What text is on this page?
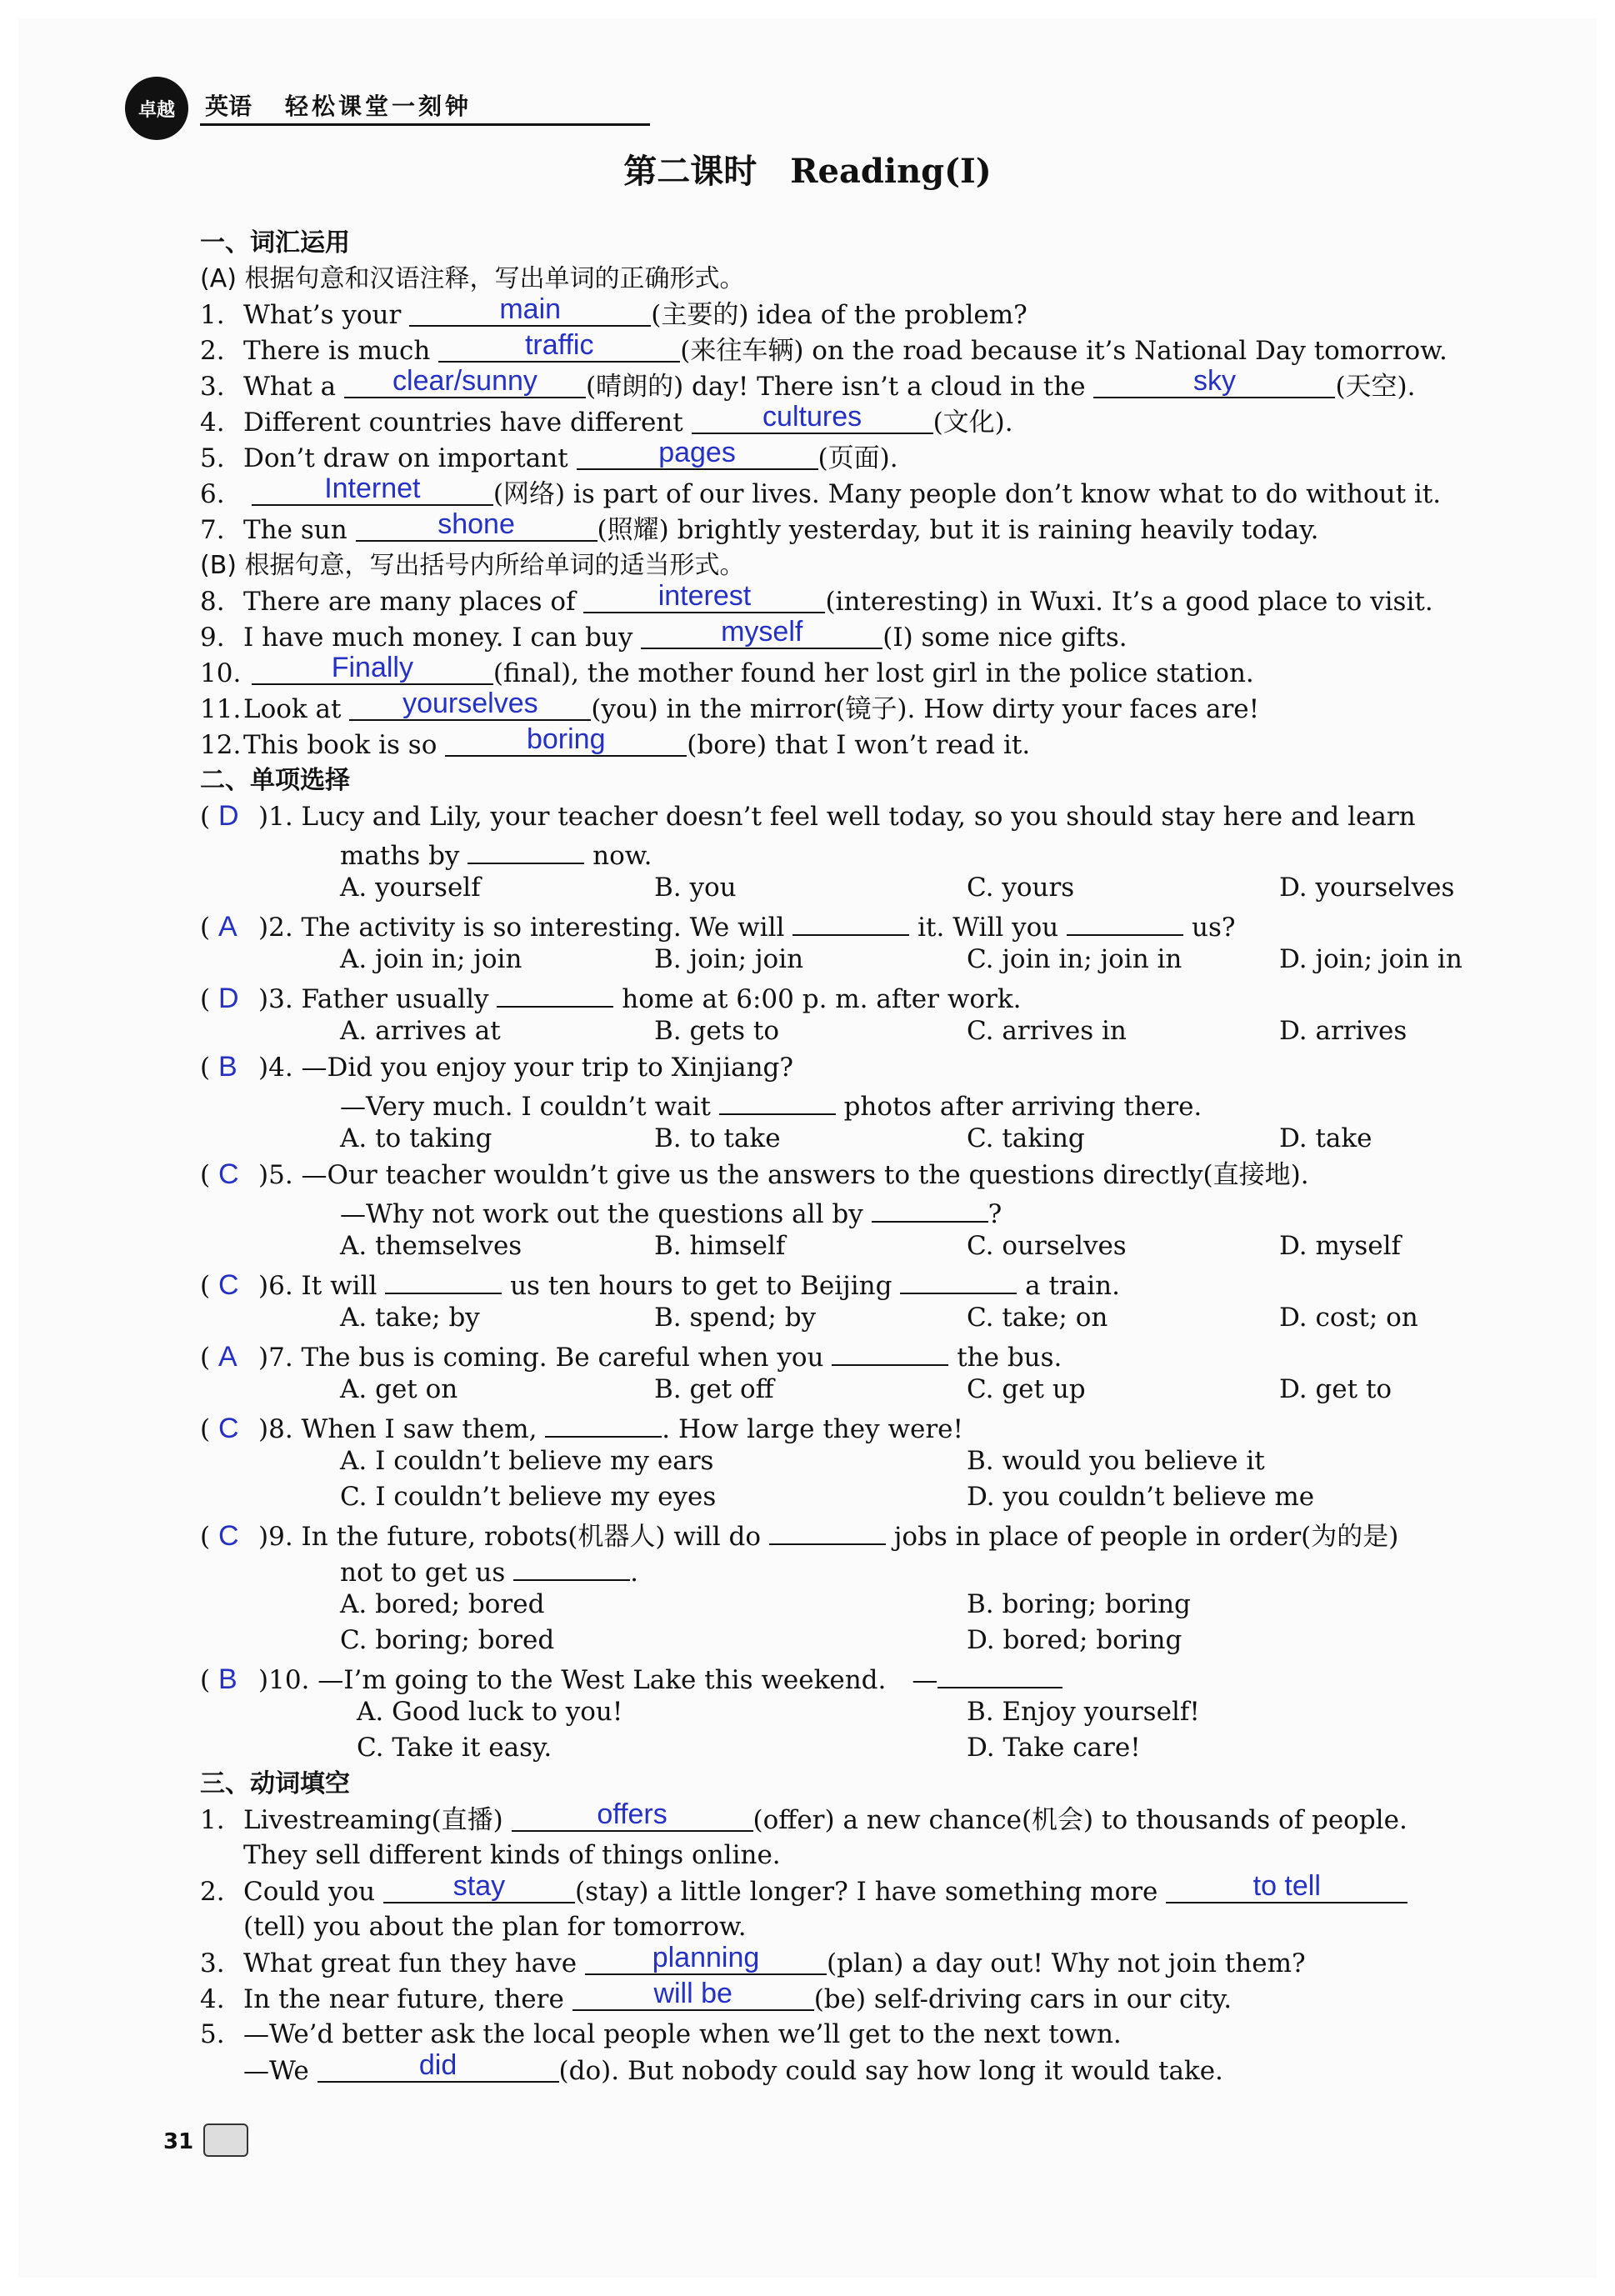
卓越	英语 轻松课堂一刻钟
第二课时　Reading(Ⅰ)
一、词汇运用
(A) 根据句意和汉语注释，写出单词的正确形式。
1. What’s your	main	(主要的) idea of the problem?
2. There is much	traffic	(来往车辆) on the road because it’s National Day tomorrow.
3. What a clear/sunny (晴朗的) day! There isn’t a cloud in the	sky	(天空).
4. Different countries have different	cultures	(文化).
5. Don’t draw on important	pages	(页面).
6.	Internet	(网络) is part of our lives. Many people don’t know what to do without it.
7. The sun	shone	(照耀) brightly yesterday, but it is raining heavily today.
(B) 根据句意，写出括号内所给单词的适当形式。
8. There are many places of	interest	(interesting) in Wuxi. It’s a good place to visit.
9. I have much money. I can buy	myself	(I) some nice gifts.
10.	Finally	(final), the mother found her lost girl in the police station.
11.Look at yourselves (you) in the mirror(镜子). How dirty your faces are!
12.This book is so	boring	(bore) that I won’t read it.
二、单项选择
( D )1. Lucy and Lily, your teacher doesn’t feel well today, so you should stay here and learn
maths by	now.
A. yourself	B. you	C. yours	D. yourselves
( A )2. The activity is so interesting. We will	it. Will you	us?
A. join in; join	B. join; join	C. join in; join in	D. join; join in
( D )3. Father usually	home at 6:00 p. m. after work.
A. arrives at	B. gets to	C. arrives in	D. arrives
( B )4. —Did you enjoy your trip to Xinjiang?
—Very much. I couldn’t wait	photos after arriving there.
A. to taking	B. to take	C. taking	D. take
( C )5. —Our teacher wouldn’t give us the answers to the questions directly(直接地).
—Why not work out the questions all by	?
A. themselves	B. himself	C. ourselves	D. myself
( C )6. It will	us ten hours to get to Beijing	a train.
A. take; by	B. spend; by	C. take; on	D. cost; on
( A )7. The bus is coming. Be careful when you	the bus.
A. get on	B. get off	C. get up	D. get to
( C )8. When I saw them,	. How large they were!
A. I couldn’t believe my ears	B. would you believe it
C. I couldn’t believe my eyes	D. you couldn’t believe me
( C )9. In the future, robots(机器人) will do	jobs in place of people in order(为的是)
not to get us	.
A. bored; bored	B. boring; boring
C. boring; bored	D. bored; boring
( B )10. —I’m going to the West Lake this weekend.　—
A. Good luck to you!	B. Enjoy yourself!
C. Take it easy.	D. Take care!
三、动词填空
1. Livestreaming(直播)	offers	(offer) a new chance(机会) to thousands of people.
They sell different kinds of things online.
2. Could you	stay	(stay) a little longer? I have something more	to tell
(tell) you about the plan for tomorrow.
3. What great fun they have	planning	(plan) a day out! Why not join them?
4. In the near future, there	will be	(be) self-driving cars in our city.
5. —We’d better ask the local people when we’ll get to the next town.
—We	did	(do). But nobody could say how long it would take.
31
